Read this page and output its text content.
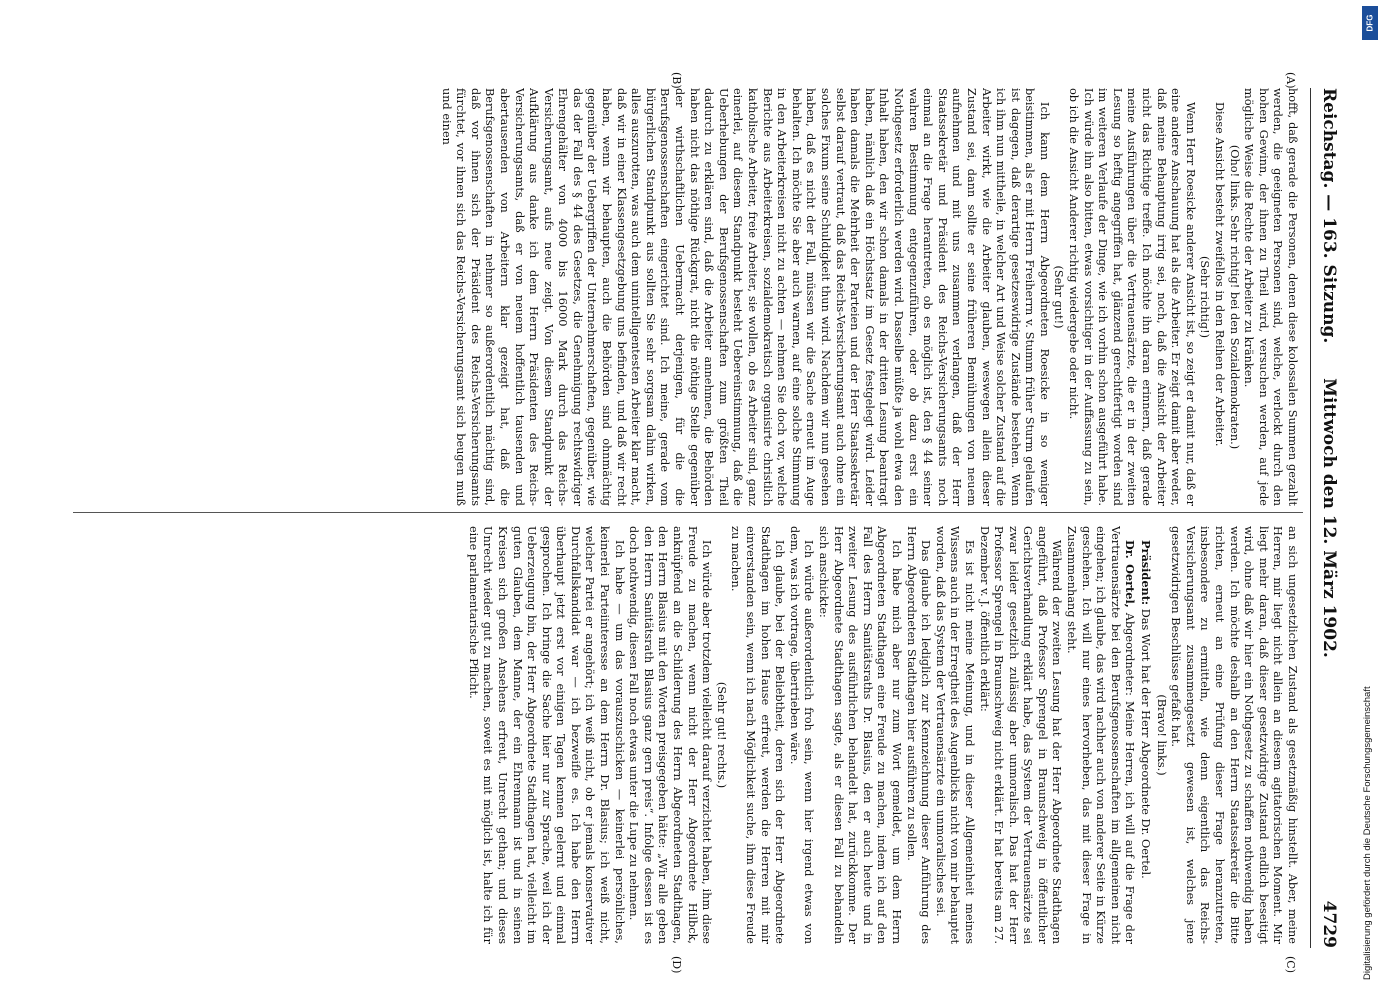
Reichstag. — 163. Sitzung.
Mittwoch den 12. März 1902.
4729
(A)
(B)
(C)
(D)

hofft, daß gerade die Personen, denen diese kolossalen Summen gezahlt werden, die geeigneten Personen sind, welche, verlockt durch den hohen Gewinn, der ihnen zu Theil wird, versuchen werden, auf jede mögliche Weise die Rechte der Arbeiter zu kränken.

(Oho! links. Sehr richtig! bei den Sozialdemokraten.)

Diese Ansicht besteht zweifellos in den Reihen der Arbeiter.

(Sehr richtig!)

Wenn Herr Roesicke anderer Ansicht ist, so zeigt er damit nur, daß er eine andere Anschauung hat als die Arbeiter. Er zeigt damit aber weder, daß meine Behauptung irrig sei, noch, daß die Ansicht der Arbeiter nicht das Richtige treffe. Ich möchte ihn daran erinnern, daß gerade meine Ausführungen über die Vertrauensärzte, die er in der zweiten Lesung so heftig angegriffen hat, glänzend gerechtfertigt worden sind im weiteren Verlaufe der Dinge, wie ich vorhin schon ausgeführt habe. Ich würde ihn also bitten, etwas vorsichtiger in der Auffassung zu sein, ob ich die Ansicht Anderer richtig wiedergebe oder nicht.

(Sehr gut!)

Ich kann dem Herrn Abgeordneten Roesicke in so weniger beistimmen, als er mit Herrn Freiherrn v. Stumm früher Sturm gelaufen ist dagegen, daß derartige gesetzeswidrige Zustände bestehen. Wenn ich ihm nun mittheile, in welcher Art und Weise solcher Zustand auf die Arbeiter wirkt, wie die Arbeiter glauben, weswegen allein dieser Zustand sei, dann sollte er seine früheren Bemühungen von neuem aufnehmen und mit uns zusammen verlangen, daß der Herr Staatssekretär und Präsident des Reichs-Versicherungsamts noch einmal an die Frage herantreten, ob es möglich ist, den § 44 seiner wahren Bestimmung entgegenzuführen, oder ob dazu erst ein Nothgesetz erforderlich werden wird. Dasselbe müßte ja wohl etwa den Inhalt haben, den wir schon damals in der dritten Lesung beantragt haben, nämlich daß ein Höchstsatz im Gesetz festgelegt wird. Leider haben damals die Mehrheit der Parteien und der Herr Staatssekretär selbst darauf vertraut, daß das Reichs-Versicherungsamt auch ohne ein solches Fixum seine Schuldigkeit thun wird. Nachdem wir nun gesehen haben, daß es nicht der Fall, müssen wir die Sache erneut im Auge behalten. Ich möchte Sie aber auch warnen, auf eine solche Stimmung in den Arbeiterkreisen nicht zu achten — nehmen Sie doch vor, welche Berichte aus Arbeiterkreisen, sozialdemokratisch organisirte christlich katholische Arbeiter, freie Arbeiter, sie wollen, ob es Arbeiter sind, ganz einerlei, auf diesem Standpunkt besteht Uebereinstimmung, daß die Ueberhebungen der Berufsgenossenschaften zum größten Theil dadurch zu erklären sind, daß die Arbeiter annehmen, die Behörden haben nicht das nöthige Rückgrat, nicht die nöthige Stelle gegenüber der wirthschaftlichen Uebermacht derjenigen, für die die Berufsgenossenschaften eingerichtet sind. Ich meine, gerade vom bürgerlichen Standpunkt aus sollten Sie sehr sorgsam dahin wirken, alles auszurotten, was auch dem unintelligentesten Arbeiter klar macht, daß wir in einer Klassengesetzgebung uns befinden, und daß wir recht haben, wenn wir behaupten, auch die Behörden sind ohnmächtig gegenüber der Uebergriffen der Unternehmerschaften, gegenüber, wie das der Fall des § 44 des Gesetzes, die Genehmigung rechtswidriger Ehrengehälter von 4000 bis 16000 Mark durch das Reichs-Versicherungsamt, aufs neue zeigt. Von diesem Standpunkt der Aufklärung aus danke ich dem Herrn Präsidenten des Reichs-Versicherungsamts, daß er von neuem hoffentlich tausenden und abertausenden von Arbeitern klar gezeigt hat, daß die Berufsgenossenschaften in nehmer so außerordentlich mächtig sind, daß vor ihnen sich der Präsident des Reichs-Versicherungsamts fürchtet, vor ihnen sich das Reichs-Versicherungsamt sich beugen muß und einen

an sich ungesetzlichen Zustand als gesetzmäßig hinstellt. Aber, meine Herren, mir liegt nicht allein an diesem agitatorischen Moment. Mir liegt mehr daran, daß dieser gesetzwidrige Zustand endlich beseitigt wird, ohne daß wir hier ein Nothgesetz zu schaffen nothwendig haben werden. Ich möchte deshalb an den Herrn Staatssekretär die Bitte richten, erneut an eine Prüfung dieser Frage heranzutreten, insbesondere zu ermitteln, wie denn eigentlich das Reichs-Versicherungsamt zusammengesetzt gewesen ist, welches jene gesetzwidrigen Beschlüsse gefaßt hat.

(Bravo! links.)

Präsident: Das Wort hat der Herr Abgeordnete Dr. Oertel.

Dr. Oertel, Abgeordneter: Meine Herren, ich will auf die Frage der Vertrauensärzte bei den Berufsgenossenschaften im allgemeinen nicht eingehen; ich glaube, das wird nachher auch von anderer Seite in Kürze geschehen. Ich will nur eines hervorheben, das mit dieser Frage in Zusammenhang steht.

Während der zweiten Lesung hat der Herr Abgeordnete Stadthagen angeführt, daß Professor Sprengel in Braunschweig in öffentlicher Gerichtsverhandlung erklärt habe, das System der Vertrauensärzte sei zwar leider gesetzlich zulässig aber unmoralisch. Das hat der Herr Professor Sprengel in Braunschweig nicht erklärt. Er hat bereits am 27. Dezember v. J. öffentlich erklärt:

Es ist nicht meine Meinung, und in dieser Allgemeinheit meines Wissens auch in der Erregtheit des Augenblicks nicht von mir behauptet worden, daß das System der Vertrauensärzte ein unmoralisches sei.

Das glaube ich lediglich zur Kennzeichnung dieser Anführung des Herrn Abgeordneten Stadthagen hier ausführen zu sollen.

Ich habe mich aber nur zum Wort gemeldet, um dem Herrn Abgeordneten Stadthagen eine Freude zu machen, indem ich auf den Fall des Herrn Sanitätsraths Dr. Blasius, den er auch heute und in zweiter Lesung des ausführlichen behandelt hat, zurückkomme. Der Herr Abgeordnete Stadthagen sagte, als er diesen Fall zu behandeln sich anschickte:

Ich würde außerordentlich froh sein, wenn hier irgend etwas von dem, was ich vortrage, übertrieben wäre.

Ich glaube, bei der Beliebtheit, deren sich der Herr Abgeordnete Stadthagen im hohen Hause erfreut, werden die Herren mit mir einverstanden sein, wenn ich nach Möglichkeit suche, ihm diese Freude zu machen.

(Sehr gut! rechts.)

Ich würde aber trotzdem vielleicht darauf verzichtet haben, ihm diese Freude zu machen, wenn nicht der Herr Abgeordnete Hilbck, anknüpfend an die Schilderung des Herrn Abgeordneten Stadthagen, den Herrn Blasius mit den Worten preisgegeben hätte: „Wir alle geben den Herrn Sanitätsrath Blasius ganz gern preis“. Infolge dessen ist es doch nothwendig, diesen Fall noch etwas unter die Lupe zu nehmen.

Ich habe — um das vorauszuschicken — keinerlei persönliches, keinerlei Parteiinteresse an dem Herrn Dr. Blasius; ich weiß nicht, welcher Partei er angehört; ich weiß nicht, ob er jemals konservativer Durchfallskandidat war — ich bezweifle es. Ich habe den Herrn überhaupt jetzt erst vor einigen Tagen kennen gelernt und einmal gesprochen. Ich bringe die Sache hier nur zur Sprache, weil ich der Ueberzeugung bin, der Herr Abgeordnete Stadthagen hat, vielleicht im guten Glauben, dem Manne, der ein Ehrenmann ist und in seinen Kreisen sich großen Ansehens erfreut, Unrecht gethan; und dieses Unrecht wieder gut zu machen, soweit es mit möglich ist, halte ich für eine parlamentarische Pflicht.

Digitalisierung gefördert durch die Deutsche Forschungsgemeinschaft
DFG
